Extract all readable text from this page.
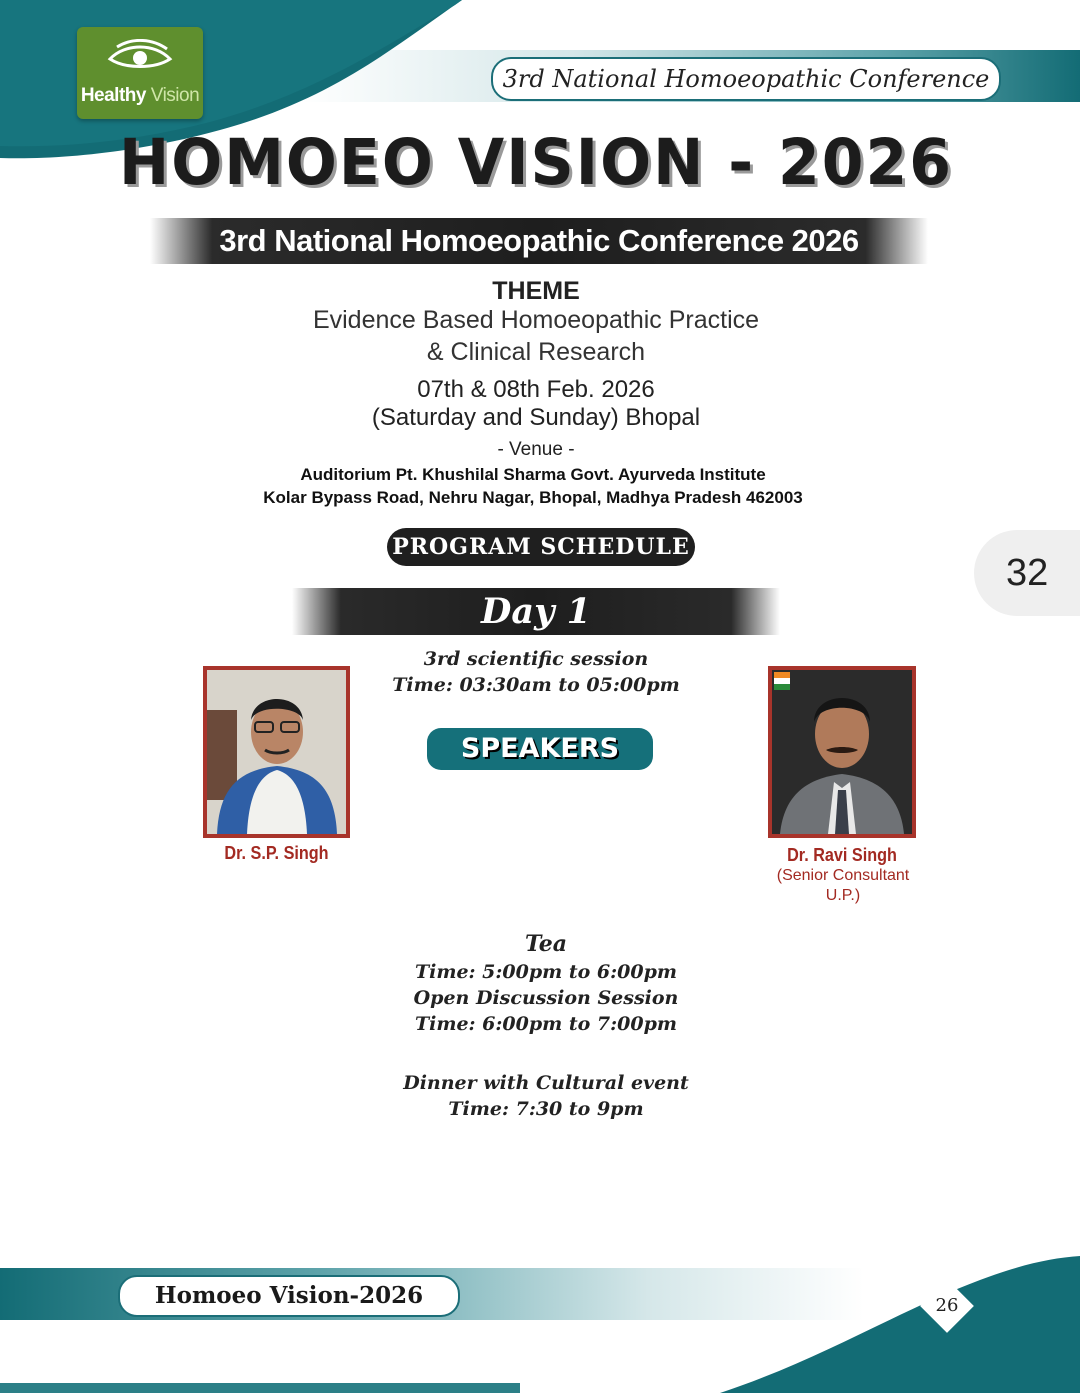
Healthy Vision
3rd National Homoeopathic Conference
HOMOEO VISION - 2026
3rd National Homoeopathic Conference 2026
THEME
Evidence Based Homoeopathic Practice
& Clinical Research
07th & 08th Feb. 2026
(Saturday and Sunday) Bhopal
- Venue -
Auditorium Pt. Khushilal Sharma Govt. Ayurveda Institute
Kolar Bypass Road, Nehru Nagar, Bhopal, Madhya Pradesh 462003
PROGRAM SCHEDULE
32
Day 1
3rd scientific session
Time: 03:30am to 05:00pm
SPEAKERS
Dr. S.P. Singh	Dr. Ravi Singh
(Senior Consultant
U.P.)
Tea
Time: 5:00pm to 6:00pm
Open Discussion Session
Time: 6:00pm to 7:00pm
Dinner with Cultural event
Time: 7:30 to 9pm
Homoeo Vision-2026	26
